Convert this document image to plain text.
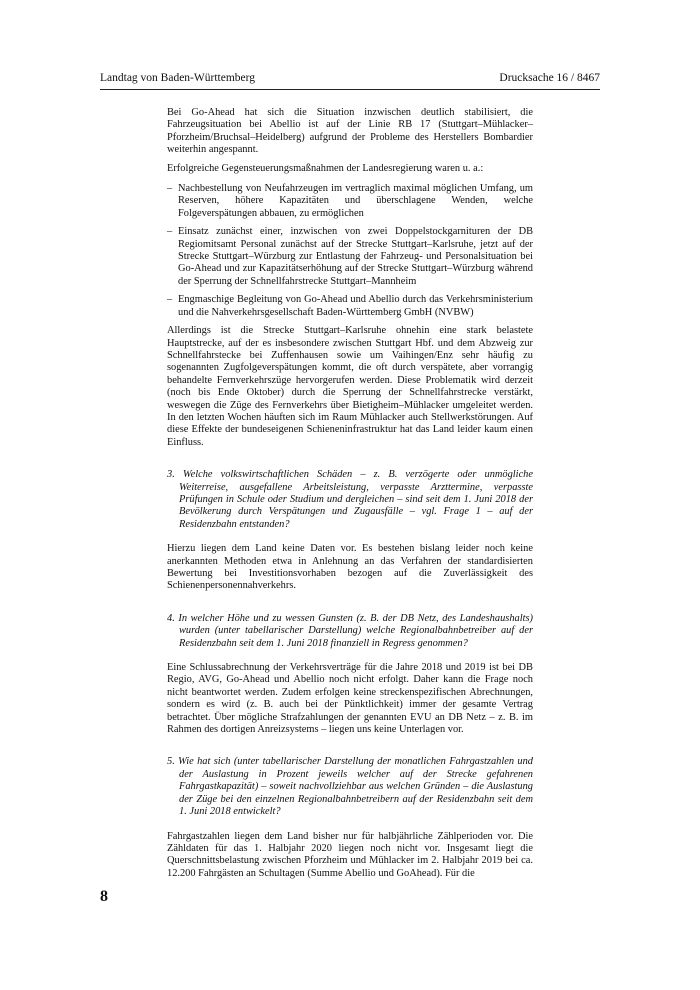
Landtag von Baden-Württemberg	Drucksache 16 / 8467

Bei Go-Ahead hat sich die Situation inzwischen deutlich stabilisiert, die Fahrzeugsituation bei Abellio ist auf der Linie RB 17 (Stuttgart–Mühlacker–Pforzheim/Bruchsal–Heidelberg) aufgrund der Probleme des Herstellers Bombardier weiterhin angespannt.

Erfolgreiche Gegensteuerungsmaßnahmen der Landesregierung waren u. a.:

– Nachbestellung von Neufahrzeugen im vertraglich maximal möglichen Umfang, um Reserven, höhere Kapazitäten und überschlagene Wenden, welche Folgeverspätungen abbauen, zu ermöglichen
– Einsatz zunächst einer, inzwischen von zwei Doppelstockgarnituren der DB Regiomitsamt Personal zunächst auf der Strecke Stuttgart–Karlsruhe, jetzt auf der Strecke Stuttgart–Würzburg zur Entlastung der Fahrzeug- und Personalsituation bei Go-Ahead und zur Kapazitätserhöhung auf der Strecke Stuttgart–Würzburg während der Sperrung der Schnellfahrstrecke Stuttgart–Mannheim
– Engmaschige Begleitung von Go-Ahead und Abellio durch das Verkehrsministerium und die Nahverkehrsgesellschaft Baden-Württemberg GmbH (NVBW)

Allerdings ist die Strecke Stuttgart–Karlsruhe ohnehin eine stark belastete Hauptstrecke, auf der es insbesondere zwischen Stuttgart Hbf. und dem Abzweig zur Schnellfahrstecke bei Zuffenhausen sowie um Vaihingen/Enz sehr häufig zu sogenannten Zugfolgeverspätungen kommt, die oft durch verspätete, aber vorrangig behandelte Fernverkehrszüge hervorgerufen werden. Diese Problematik wird derzeit (noch bis Ende Oktober) durch die Sperrung der Schnellfahrstrecke verstärkt, weswegen die Züge des Fernverkehrs über Bietigheim–Mühlacker umgeleitet werden. In den letzten Wochen häuften sich im Raum Mühlacker auch Stellwerkstörungen. Auf diese Effekte der bundeseigenen Schieneninfrastruktur hat das Land leider kaum einen Einfluss.

3. Welche volkswirtschaftlichen Schäden – z. B. verzögerte oder unmögliche Weiterreise, ausgefallene Arbeitsleistung, verpasste Arzttermine, verpasste Prüfungen in Schule oder Studium und dergleichen – sind seit dem 1. Juni 2018 der Bevölkerung durch Verspätungen und Zugausfälle – vgl. Frage 1 – auf der Residenzbahn entstanden?

Hierzu liegen dem Land keine Daten vor. Es bestehen bislang leider noch keine anerkannten Methoden etwa in Anlehnung an das Verfahren der standardisierten Bewertung bei Investitionsvorhaben bezogen auf die Zuverlässigkeit des Schienenpersonennahverkehrs.

4. In welcher Höhe und zu wessen Gunsten (z. B. der DB Netz, des Landeshaushalts) wurden (unter tabellarischer Darstellung) welche Regionalbahnbetreiber auf der Residenzbahn seit dem 1. Juni 2018 finanziell in Regress genommen?

Eine Schlussabrechnung der Verkehrsverträge für die Jahre 2018 und 2019 ist bei DB Regio, AVG, Go-Ahead und Abellio noch nicht erfolgt. Daher kann die Frage noch nicht beantwortet werden. Zudem erfolgen keine streckenspezifischen Abrechnungen, sondern es wird (z. B. auch bei der Pünktlichkeit) immer der gesamte Vertrag betrachtet. Über mögliche Strafzahlungen der genannten EVU an DB Netz – z. B. im Rahmen des dortigen Anreizsystems – liegen uns keine Unterlagen vor.

5. Wie hat sich (unter tabellarischer Darstellung der monatlichen Fahrgastzahlen und der Auslastung in Prozent jeweils welcher auf der Strecke gefahrenen Fahrgastkapazität) – soweit nachvollziehbar aus welchen Gründen – die Auslastung der Züge bei den einzelnen Regionalbahnbetreibern auf der Residenzbahn seit dem 1. Juni 2018 entwickelt?

Fahrgastzahlen liegen dem Land bisher nur für halbjährliche Zählperioden vor. Die Zähldaten für das 1. Halbjahr 2020 liegen noch nicht vor. Insgesamt liegt die Querschnittsbelastung zwischen Pforzheim und Mühlacker im 2. Halbjahr 2019 bei ca. 12.200 Fahrgästen an Schultagen (Summe Abellio und GoAhead). Für die

8
